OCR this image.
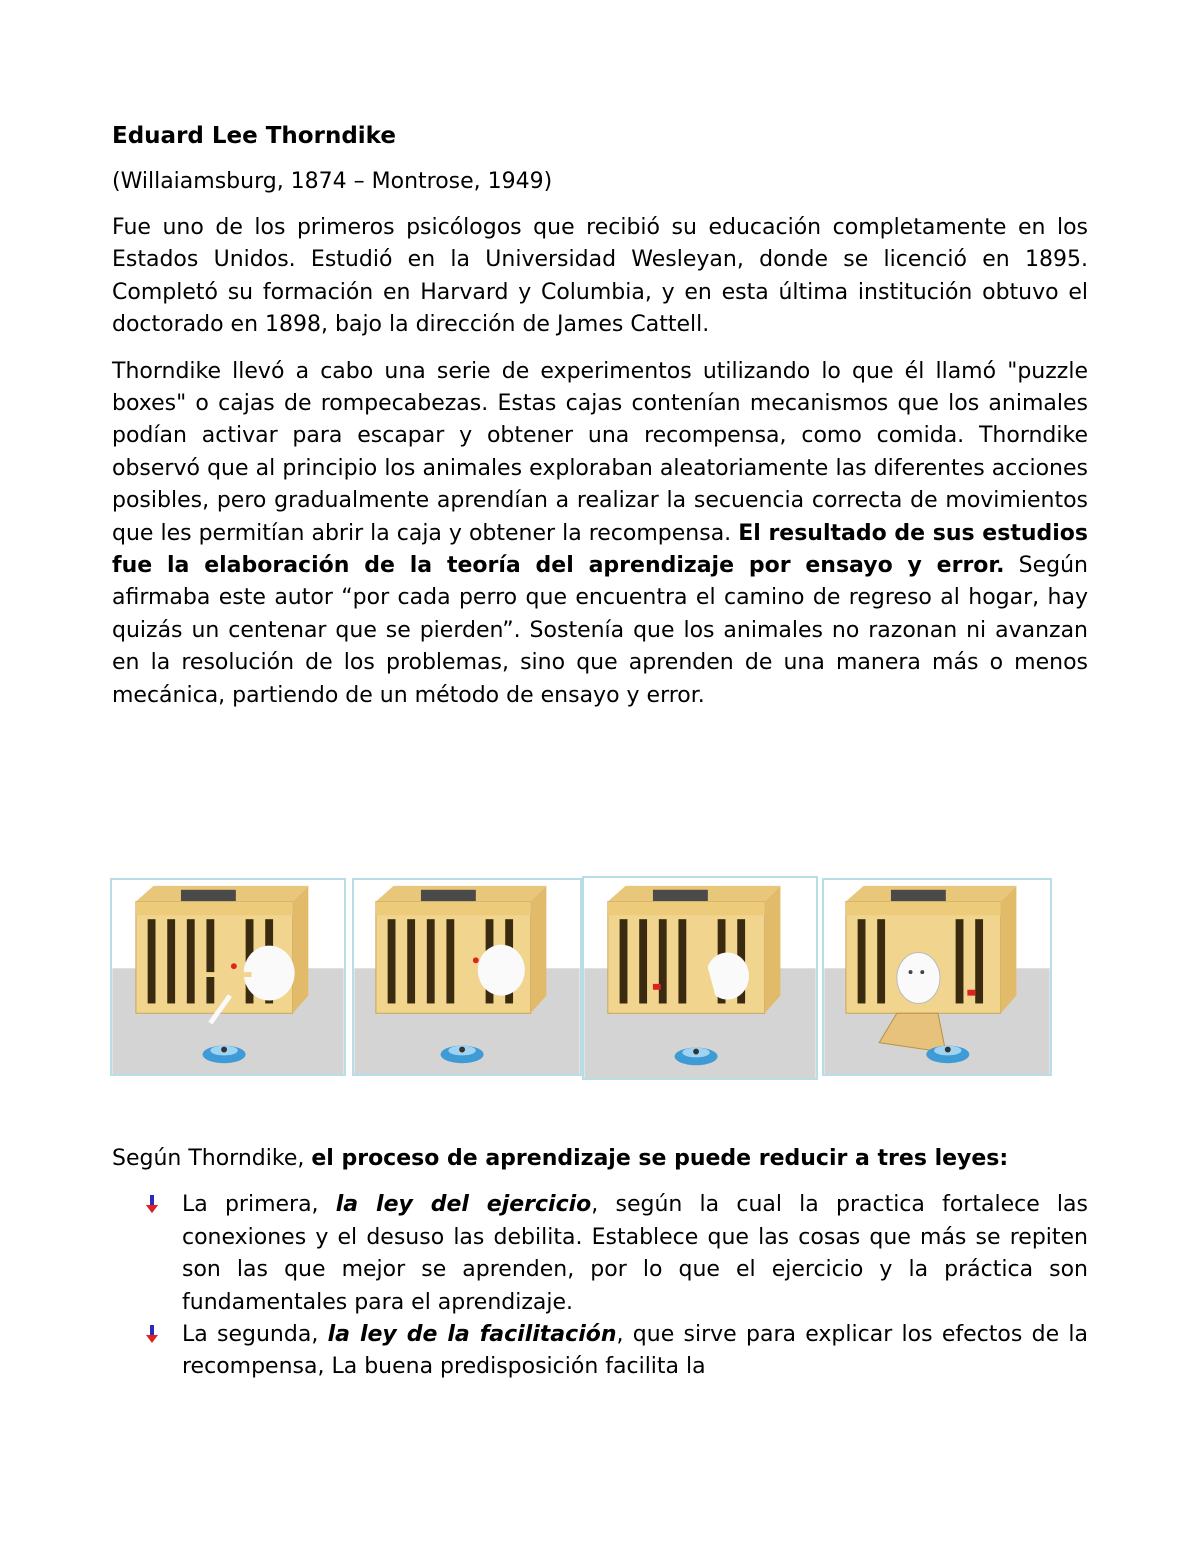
Eduard Lee Thorndike
(Willaiamsburg, 1874 – Montrose, 1949)

Fue uno de los primeros psicólogos que recibió su educación completamente en los Estados Unidos. Estudió en la Universidad Wesleyan, donde se licenció en 1895. Completó su formación en Harvard y Columbia, y en esta última institución obtuvo el doctorado en 1898, bajo la dirección de James Cattell.

Thorndike llevó a cabo una serie de experimentos utilizando lo que él llamó "puzzle boxes" o cajas de rompecabezas. Estas cajas contenían mecanismos que los animales podían activar para escapar y obtener una recompensa, como comida. Thorndike observó que al principio los animales exploraban aleatoriamente las diferentes acciones posibles, pero gradualmente aprendían a realizar la secuencia correcta de movimientos que les permitían abrir la caja y obtener la recompensa. El resultado de sus estudios fue la elaboración de la teoría del aprendizaje por ensayo y error. Según afirmaba este autor “por cada perro que encuentra el camino de regreso al hogar, hay quizás un centenar que se pierden”. Sostenía que los animales no razonan ni avanzan en la resolución de los problemas, sino que aprenden de una manera más o menos mecánica, partiendo de un método de ensayo y error.

Según Thorndike, el proceso de aprendizaje se puede reducir a tres leyes:

La primera, la ley del ejercicio, según la cual la practica fortalece las conexiones y el desuso las debilita. Establece que las cosas que más se repiten son las que mejor se aprenden, por lo que el ejercicio y la práctica son fundamentales para el aprendizaje.
La segunda, la ley de la facilitación, que sirve para explicar los efectos de la recompensa, La buena predisposición facilita la
